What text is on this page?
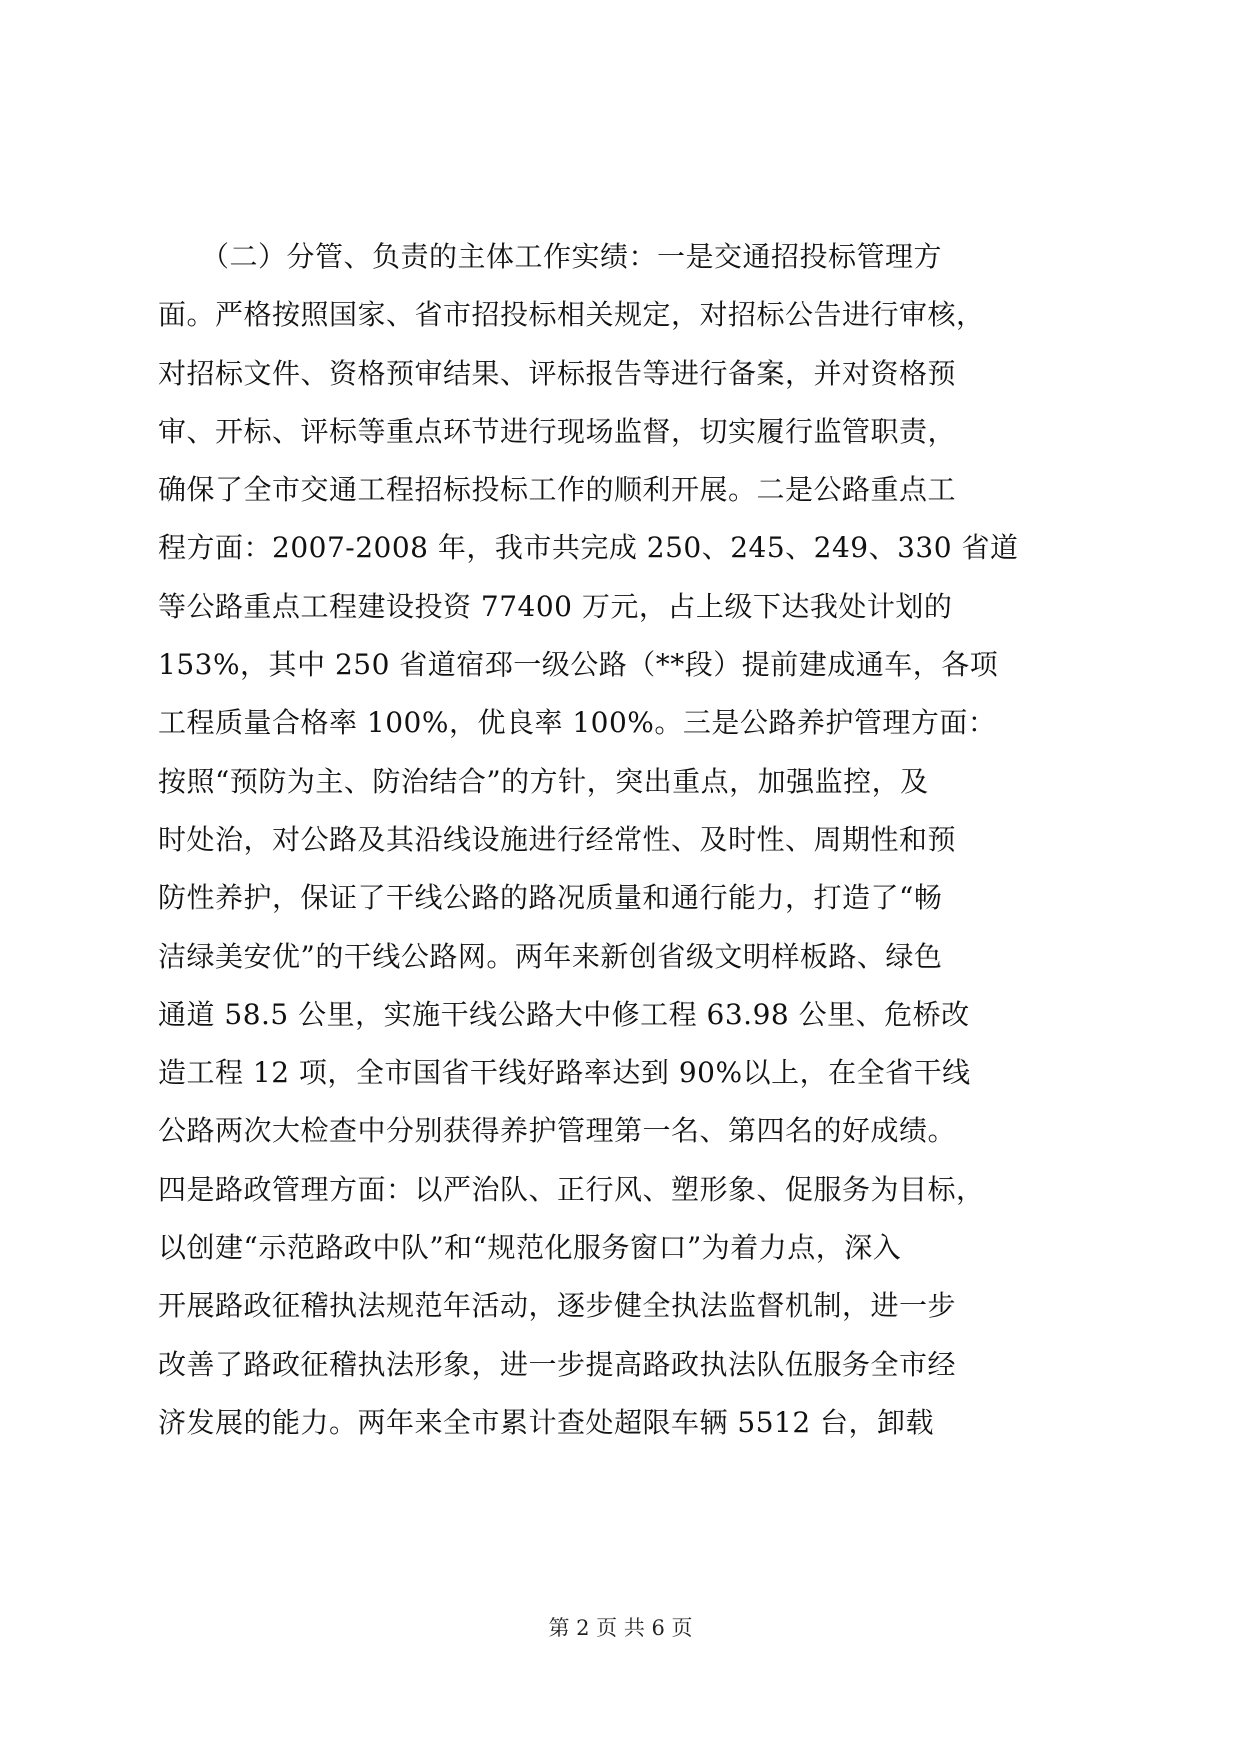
　　（二）分管、负责的主体工作实绩：一是交通招投标管理方
面。严格按照国家、省市招投标相关规定，对招标公告进行审核，
对招标文件、资格预审结果、评标报告等进行备案，并对资格预
审、开标、评标等重点环节进行现场监督，切实履行监管职责，
确保了全市交通工程招标投标工作的顺利开展。二是公路重点工
程方面：2007-2008 年，我市共完成 250、245、249、330 省道
等公路重点工程建设投资 77400 万元，占上级下达我处计划的
153%，其中 250 省道宿邳一级公路（**段）提前建成通车，各项
工程质量合格率 100%，优良率 100%。三是公路养护管理方面：
按照“预防为主、防治结合”的方针，突出重点，加强监控，及
时处治，对公路及其沿线设施进行经常性、及时性、周期性和预
防性养护，保证了干线公路的路况质量和通行能力，打造了“畅
洁绿美安优”的干线公路网。两年来新创省级文明样板路、绿色
通道 58.5 公里，实施干线公路大中修工程 63.98 公里、危桥改
造工程 12 项，全市国省干线好路率达到 90%以上，在全省干线
公路两次大检查中分别获得养护管理第一名、第四名的好成绩。
四是路政管理方面：以严治队、正行风、塑形象、促服务为目标，
以创建“示范路政中队”和“规范化服务窗口”为着力点，深入
开展路政征稽执法规范年活动，逐步健全执法监督机制，进一步
改善了路政征稽执法形象，进一步提高路政执法队伍服务全市经
济发展的能力。两年来全市累计查处超限车辆 5512 台，卸载
第 2 页 共 6 页
